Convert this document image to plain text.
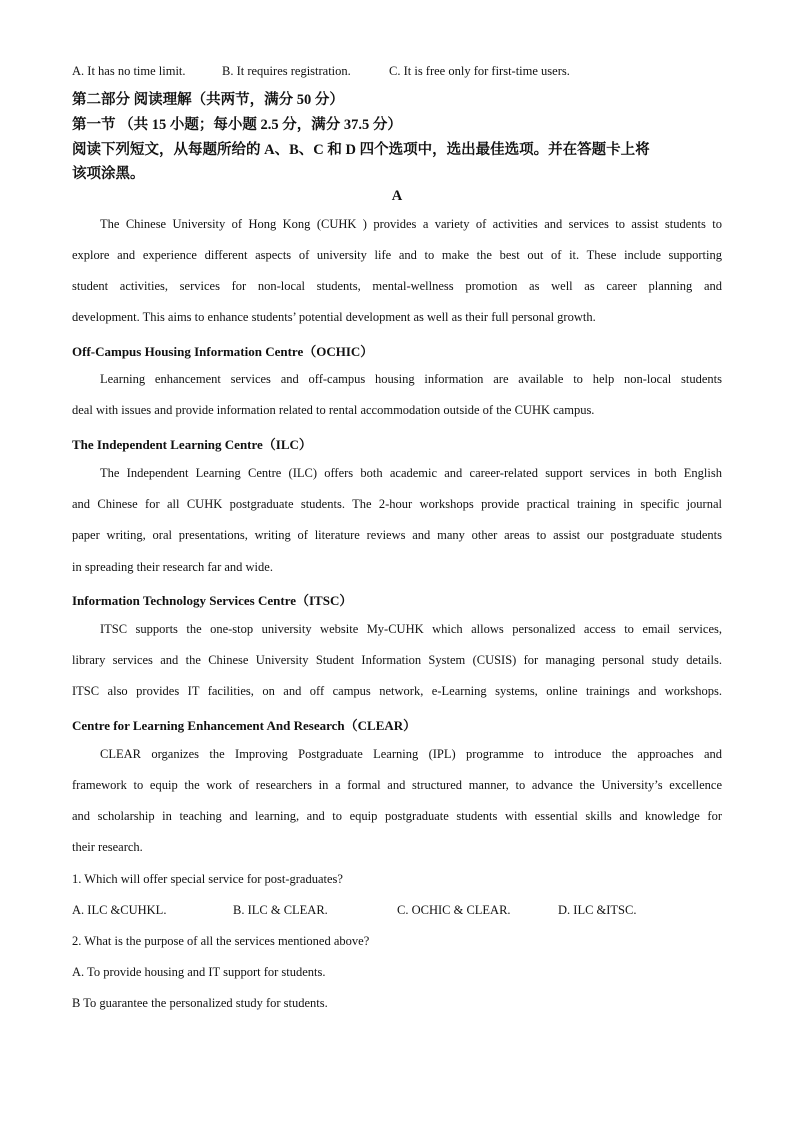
A. It has no time limit.	B. It requires registration.	C. It is free only for first-time users.
第二部分 阅读理解（共两节，满分 50 分）
第一节 （共 15 小题；每小题 2.5 分，满分 37.5 分）
阅读下列短文，从每题所给的 A、B、C 和 D 四个选项中，选出最佳选项。并在答题卡上将
该项涂黑。
A
The Chinese University of Hong Kong (CUHK ) provides a variety of activities and services to assist students to
explore and experience different aspects of university life and to make the best out of it. These include supporting
student activities, services for non-local students, mental-wellness promotion as well as career planning and
development. This aims to enhance students’ potential development as well as their full personal growth.
Off-Campus Housing Information Centre（OCHIC）
Learning enhancement services and off-campus housing information are available to help non-local students
deal with issues and provide information related to rental accommodation outside of the CUHK campus.
The Independent Learning Centre（ILC）
The Independent Learning Centre (ILC) offers both academic and career-related support services in both English
and Chinese for all CUHK postgraduate students. The 2-hour workshops provide practical training in specific journal
paper writing, oral presentations, writing of literature reviews and many other areas to assist our postgraduate students
in spreading their research far and wide.
Information Technology Services Centre（ITSC）
ITSC supports the one-stop university website My-CUHK which allows personalized access to email services,
library services and the Chinese University Student Information System (CUSIS) for managing personal study details.
ITSC also provides IT facilities, on and off campus network, e-Learning systems, online trainings and workshops.
Centre for Learning Enhancement And Research（CLEAR）
CLEAR organizes the Improving Postgraduate Learning (IPL) programme to introduce the approaches and
framework to equip the work of researchers in a formal and structured manner, to advance the University’s excellence
and scholarship in teaching and learning, and to equip postgraduate students with essential skills and knowledge for
their research.
1. Which will offer special service for post-graduates?
A. ILC &CUHKL.	B. ILC & CLEAR.	C. OCHIC & CLEAR.	D. ILC &ITSC.
2. What is the purpose of all the services mentioned above?
A. To provide housing and IT support for students.
B To guarantee the personalized study for students.
